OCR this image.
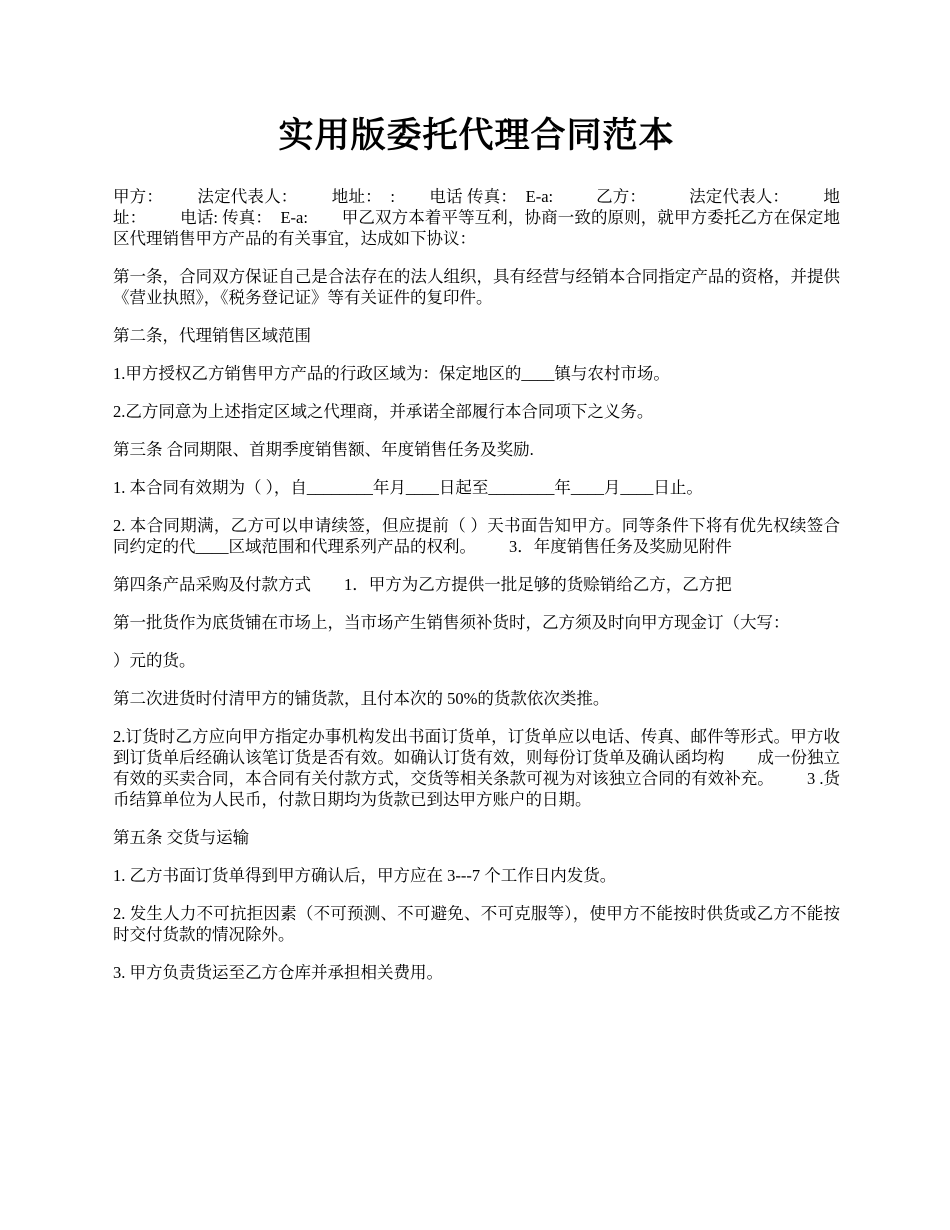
实用版委托代理合同范本

甲方：        法定代表人：        地址：  :        电话 传真：  E-a:          乙方：          法定代表人：        地址：        电话: 传真：  E-a:        甲乙双方本着平等互利，协商一致的原则，就甲方委托乙方在保定地区代理销售甲方产品的有关事宜，达成如下协议：

第一条，合同双方保证自己是合法存在的法人组织，具有经营与经销本合同指定产品的资格，并提供《营业执照》，《税务登记证》等有关证件的复印件。

第二条，代理销售区域范围

1.甲方授权乙方销售甲方产品的行政区域为：保定地区的____镇与农村市场。

2.乙方同意为上述指定区域之代理商，并承诺全部履行本合同项下之义务。

第三条 合同期限、首期季度销售额、年度销售任务及奖励.

1. 本合同有效期为（ ），自________年月____日起至________年____月____日止。

2. 本合同期满，乙方可以申请续签，但应提前（ ）天书面告知甲方。同等条件下将有优先权续签合同约定的代____区域范围和代理系列产品的权利。        3．年度销售任务及奖励见附件

第四条产品采购及付款方式        1．甲方为乙方提供一批足够的货赊销给乙方，乙方把

第一批货作为底货铺在市场上，当市场产生销售须补货时，乙方须及时向甲方现金订（大写：

）元的货。

第二次进货时付清甲方的铺货款，且付本次的 50%的货款依次类推。

2.订货时乙方应向甲方指定办事机构发出书面订货单，订货单应以电话、传真、邮件等形式。甲方收到订货单后经确认该笔订货是否有效。如确认订货有效，则每份订货单及确认函均构        成一份独立有效的买卖合同，本合同有关付款方式，交货等相关条款可视为对该独立合同的有效补充。        3 .货币结算单位为人民币，付款日期均为货款已到达甲方账户的日期。

第五条 交货与运输

1. 乙方书面订货单得到甲方确认后，甲方应在 3---7 个工作日内发货。

2. 发生人力不可抗拒因素（不可预测、不可避免、不可克服等），使甲方不能按时供货或乙方不能按时交付货款的情况除外。

3. 甲方负责货运至乙方仓库并承担相关费用。
